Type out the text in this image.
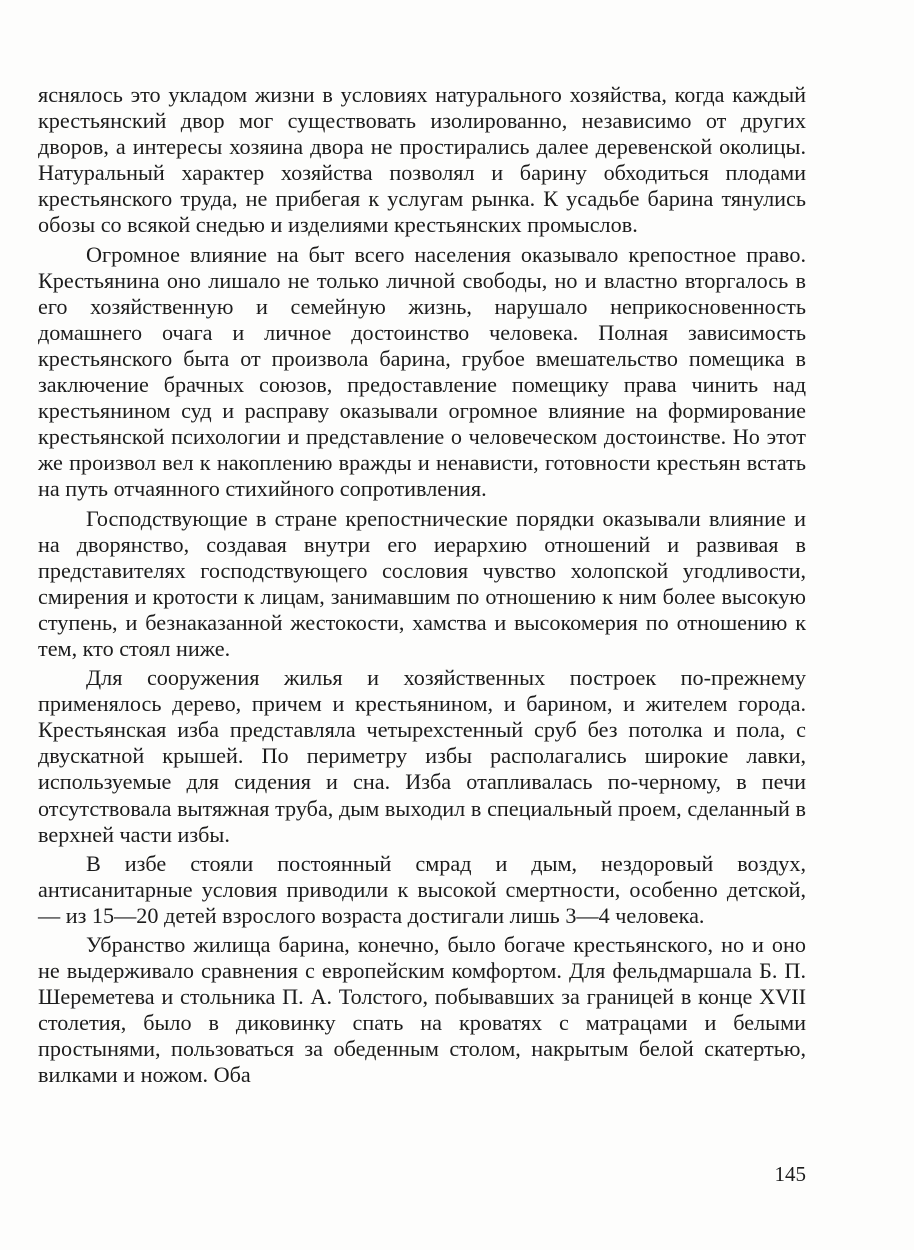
яснялось это укладом жизни в условиях натурального хозяйства, когда каждый крестьянский двор мог существовать изолированно, независимо от других дворов, а интересы хозяина двора не простирались далее деревенской околицы. Натуральный характер хозяйства позволял и барину обходиться плодами крестьянского труда, не прибегая к услугам рынка. К усадьбе барина тянулись обозы со всякой снедью и изделиями крестьянских промыслов.

Огромное влияние на быт всего населения оказывало крепостное право. Крестьянина оно лишало не только личной свободы, но и властно вторгалось в его хозяйственную и семейную жизнь, нарушало неприкосновенность домашнего очага и личное достоинство человека. Полная зависимость крестьянского быта от произвола барина, грубое вмешательство помещика в заключение брачных союзов, предоставление помещику права чинить над крестьянином суд и расправу оказывали огромное влияние на формирование крестьянской психологии и представление о человеческом достоинстве. Но этот же произвол вел к накоплению вражды и ненависти, готовности крестьян встать на путь отчаянного стихийного сопротивления.

Господствующие в стране крепостнические порядки оказывали влияние и на дворянство, создавая внутри его иерархию отношений и развивая в представителях господствующего сословия чувство холопской угодливости, смирения и кротости к лицам, занимавшим по отношению к ним более высокую ступень, и безнаказанной жестокости, хамства и высокомерия по отношению к тем, кто стоял ниже.

Для сооружения жилья и хозяйственных построек по-прежнему применялось дерево, причем и крестьянином, и барином, и жителем города. Крестьянская изба представляла четырехстенный сруб без потолка и пола, с двускатной крышей. По периметру избы располагались широкие лавки, используемые для сидения и сна. Изба отапливалась по-черному, в печи отсутствовала вытяжная труба, дым выходил в специальный проем, сделанный в верхней части избы.

В избе стояли постоянный смрад и дым, нездоровый воздух, антисанитарные условия приводили к высокой смертности, особенно детской, — из 15—20 детей взрослого возраста достигали лишь 3—4 человека.

Убранство жилища барина, конечно, было богаче крестьянского, но и оно не выдерживало сравнения с европейским комфортом. Для фельдмаршала Б. П. Шереметева и стольника П. А. Толстого, побывавших за границей в конце XVII столетия, было в диковинку спать на кроватях с матрацами и белыми простынями, пользоваться за обеденным столом, накрытым белой скатертью, вилками и ножом. Оба

145
